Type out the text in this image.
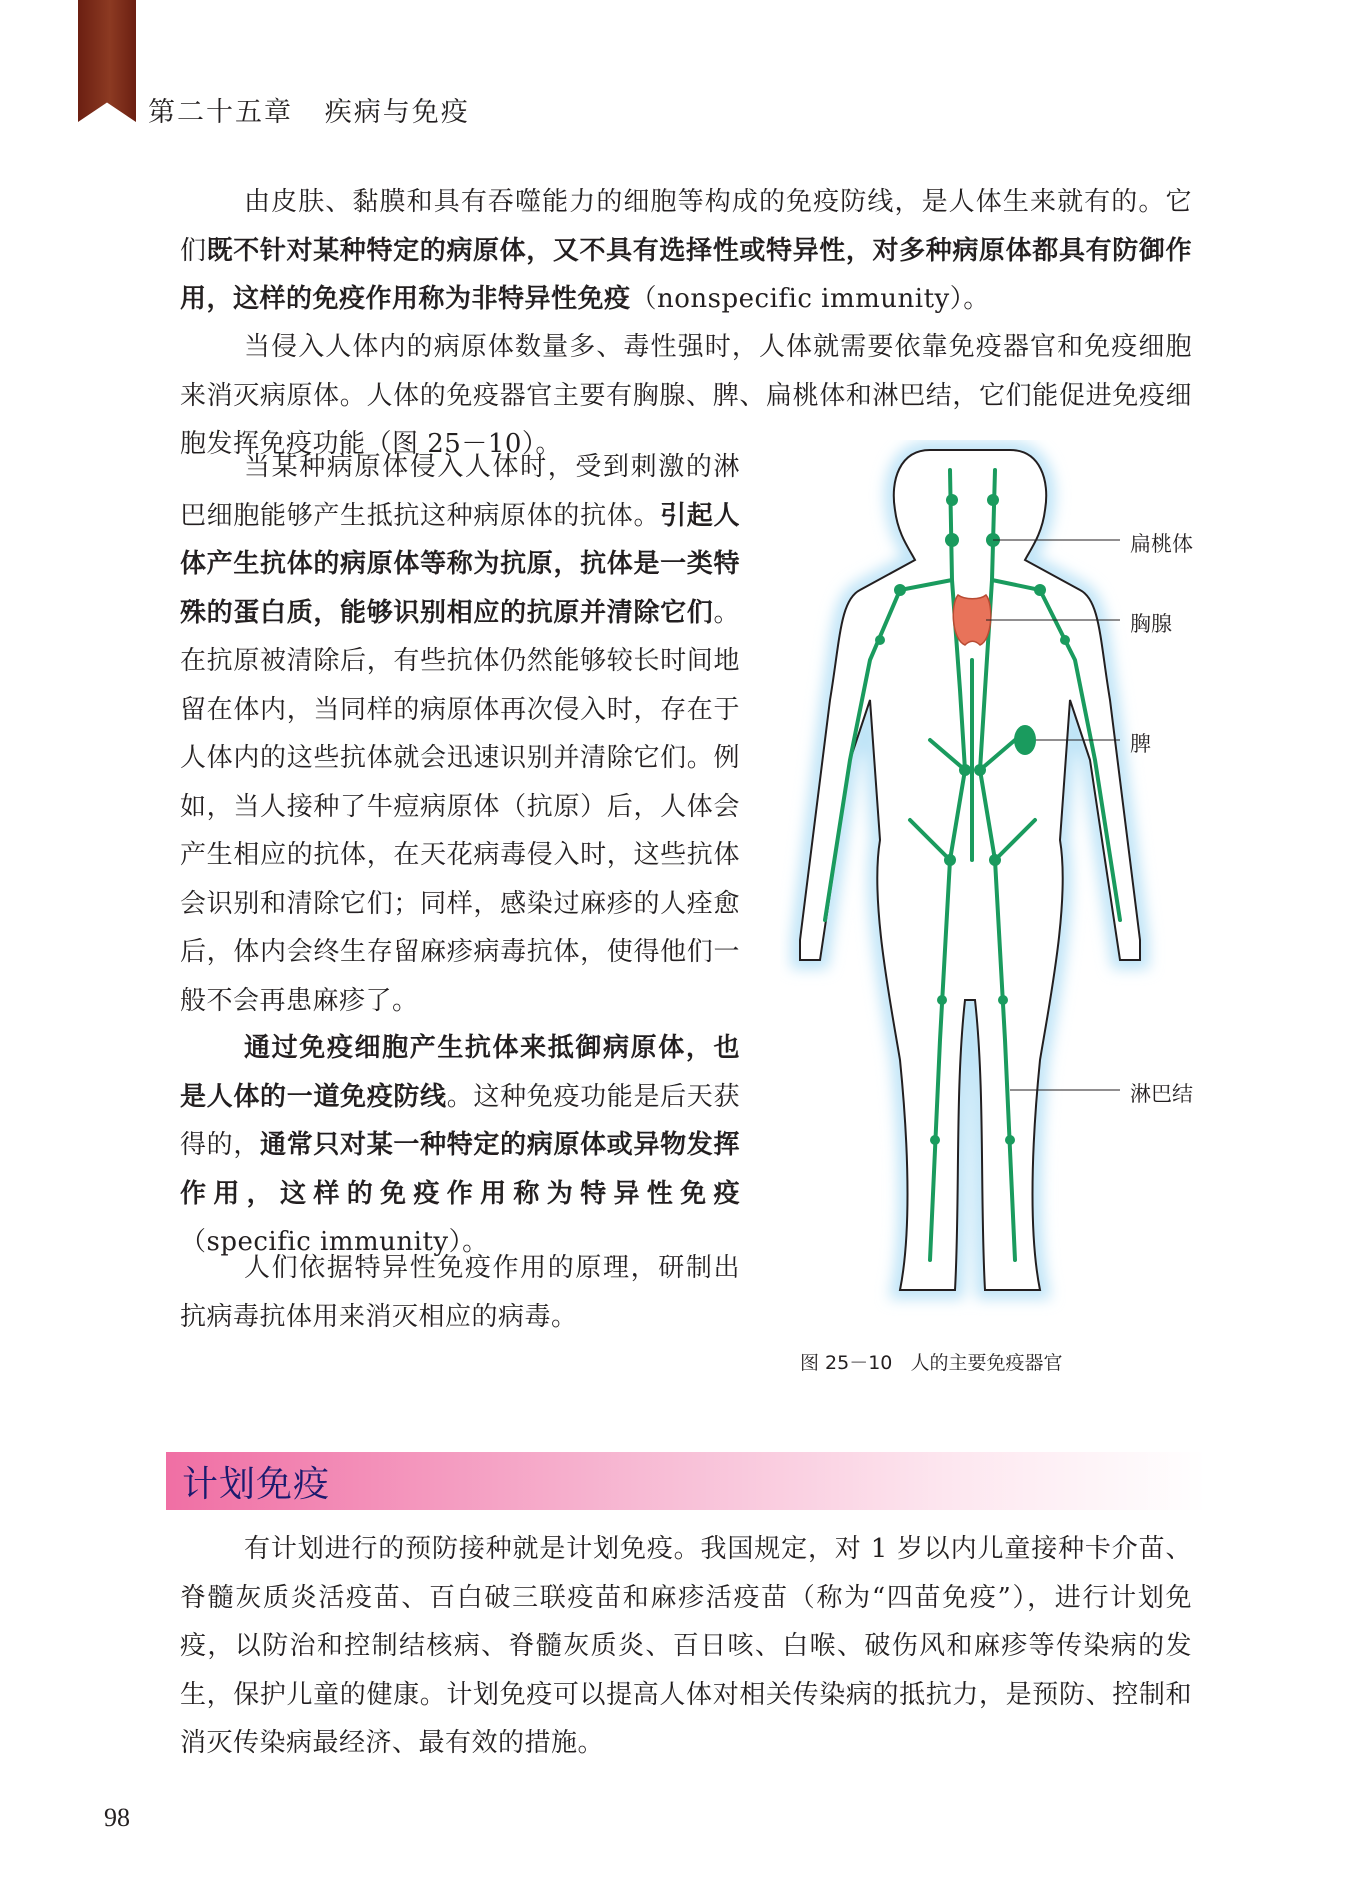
第二十五章 疾病与免疫

由皮肤、黏膜和具有吞噬能力的细胞等构成的免疫防线，是人体生来就有的。它们既不针对某种特定的病原体，又不具有选择性或特异性，对多种病原体都具有防御作用，这样的免疫作用称为非特异性免疫（nonspecific immunity）。

当侵入人体内的病原体数量多、毒性强时，人体就需要依靠免疫器官和免疫细胞来消灭病原体。人体的免疫器官主要有胸腺、脾、扁桃体和淋巴结，它们能促进免疫细胞发挥免疫功能（图 25－10）。

当某种病原体侵入人体时，受到刺激的淋巴细胞能够产生抵抗这种病原体的抗体。引起人体产生抗体的病原体等称为抗原，抗体是一类特殊的蛋白质，能够识别相应的抗原并清除它们。在抗原被清除后，有些抗体仍然能够较长时间地留在体内，当同样的病原体再次侵入时，存在于人体内的这些抗体就会迅速识别并清除它们。例如，当人接种了牛痘病原体（抗原）后，人体会产生相应的抗体，在天花病毒侵入时，这些抗体会识别和清除它们；同样，感染过麻疹的人痊愈后，体内会终生存留麻疹病毒抗体，使得他们一般不会再患麻疹了。

通过免疫细胞产生抗体来抵御病原体，也是人体的一道免疫防线。这种免疫功能是后天获得的，通常只对某一种特定的病原体或异物发挥作用，这样的免疫作用称为特异性免疫（specific immunity）。

人们依据特异性免疫作用的原理，研制出抗病毒抗体用来消灭相应的病毒。

扁桃体
胸腺
脾
淋巴结
图 25－10 人的主要免疫器官
计划免疫

有计划进行的预防接种就是计划免疫。我国规定，对 1 岁以内儿童接种卡介苗、脊髓灰质炎活疫苗、百白破三联疫苗和麻疹活疫苗（称为“四苗免疫”），进行计划免疫，以防治和控制结核病、脊髓灰质炎、百日咳、白喉、破伤风和麻疹等传染病的发生，保护儿童的健康。计划免疫可以提高人体对相关传染病的抵抗力，是预防、控制和消灭传染病最经济、最有效的措施。

98
